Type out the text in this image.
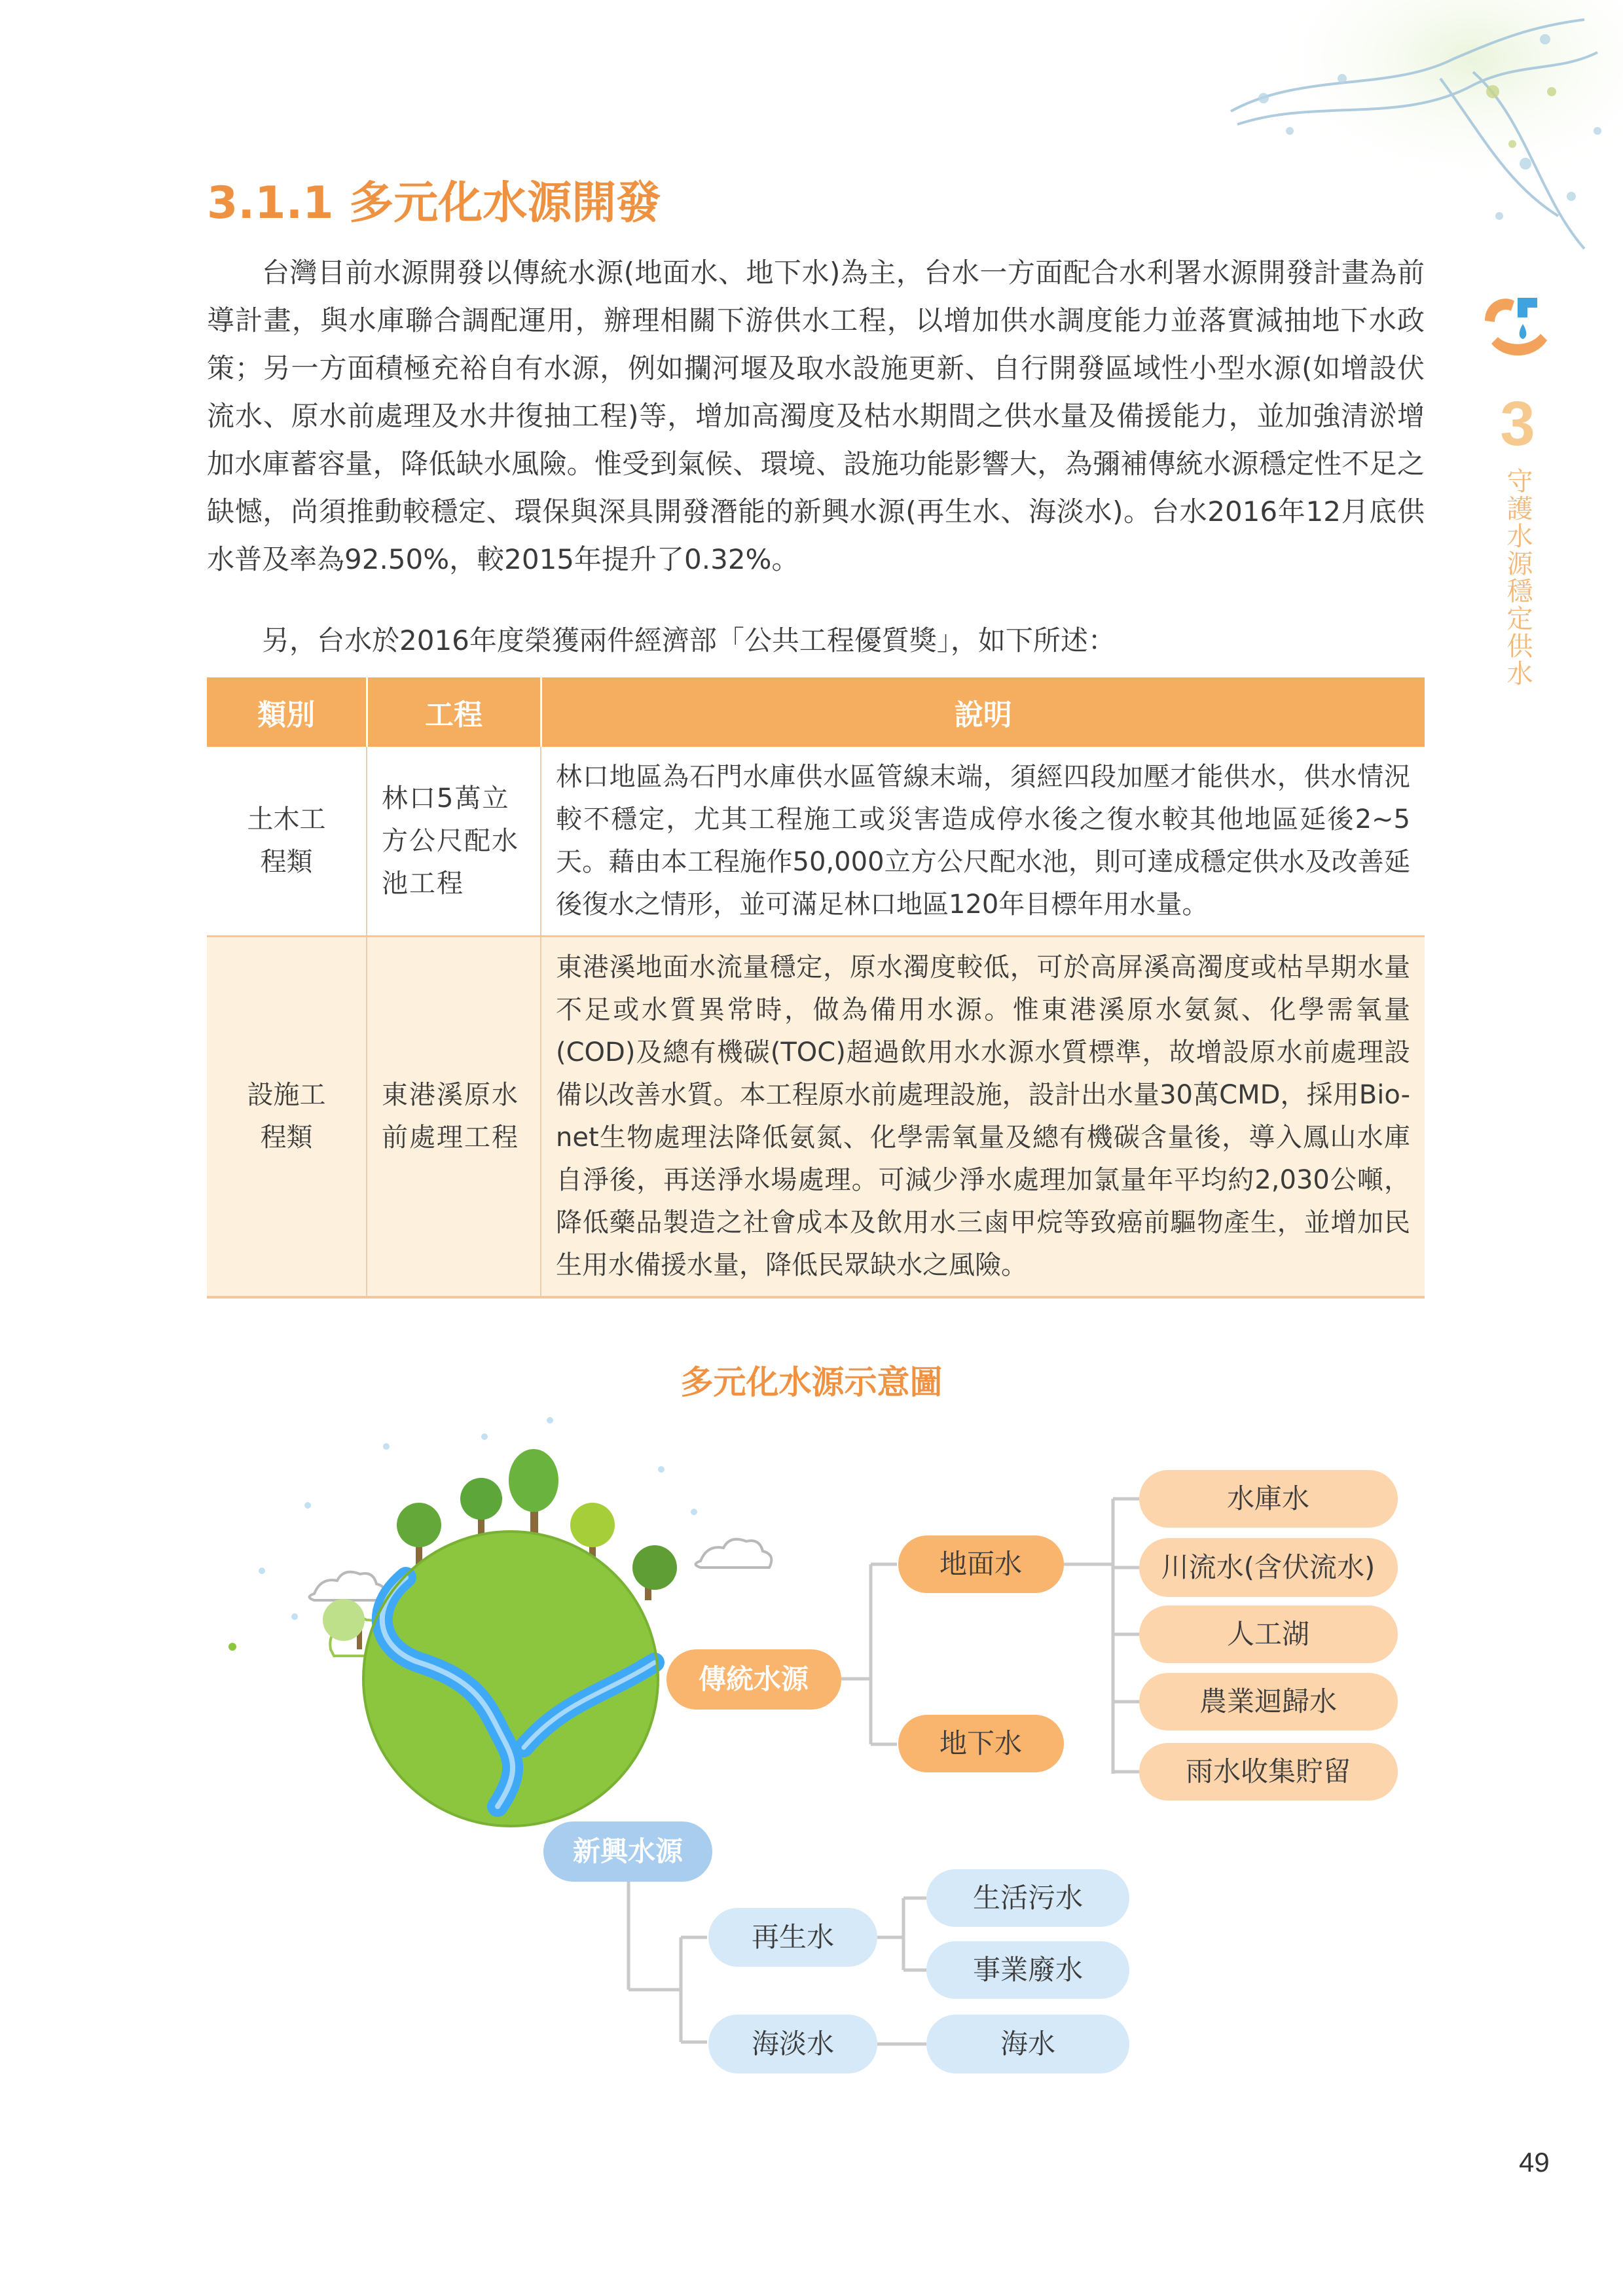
3
守護水源穩定供水
3.1.1 多元化水源開發

台灣目前水源開發以傳統水源(地面水、地下水)為主，台水一方面配合水利署水源開發計畫為前導計畫，與水庫聯合調配運用，辦理相關下游供水工程，以增加供水調度能力並落實減抽地下水政策；另一方面積極充裕自有水源，例如攔河堰及取水設施更新、自行開發區域性小型水源(如增設伏流水、原水前處理及水井復抽工程)等，增加高濁度及枯水期間之供水量及備援能力，並加強清淤增加水庫蓄容量，降低缺水風險。惟受到氣候、環境、設施功能影響大，為彌補傳統水源穩定性不足之缺憾，尚須推動較穩定、環保與深具開發潛能的新興水源(再生水、海淡水)。台水2016年12月底供水普及率為92.50%，較2015年提升了0.32%。

另，台水於2016年度榮獲兩件經濟部「公共工程優質獎」，如下所述：

類別	工程	說明
土木工程類	林口5萬立方公尺配水池工程	林口地區為石門水庫供水區管線末端，須經四段加壓才能供水，供水情況較不穩定，尤其工程施工或災害造成停水後之復水較其他地區延後2~5天。藉由本工程施作50,000立方公尺配水池，則可達成穩定供水及改善延後復水之情形，並可滿足林口地區120年目標年用水量。
設施工程類	東港溪原水前處理工程	東港溪地面水流量穩定，原水濁度較低，可於高屏溪高濁度或枯旱期水量不足或水質異常時，做為備用水源。惟東港溪原水氨氮、化學需氧量(COD)及總有機碳(TOC)超過飲用水水源水質標準，故增設原水前處理設備以改善水質。本工程原水前處理設施，設計出水量30萬CMD，採用Bio-net生物處理法降低氨氮、化學需氧量及總有機碳含量後，導入鳳山水庫自淨後，再送淨水場處理。可減少淨水處理加氯量年平均約2,030公噸，降低藥品製造之社會成本及飲用水三鹵甲烷等致癌前驅物產生，並增加民生用水備援水量，降低民眾缺水之風險。
多元化水源示意圖
傳統水源
地面水
地下水
水庫水
川流水(含伏流水)
人工湖
農業迴歸水
雨水收集貯留
新興水源
再生水
海淡水
生活污水
事業廢水
海水
49
